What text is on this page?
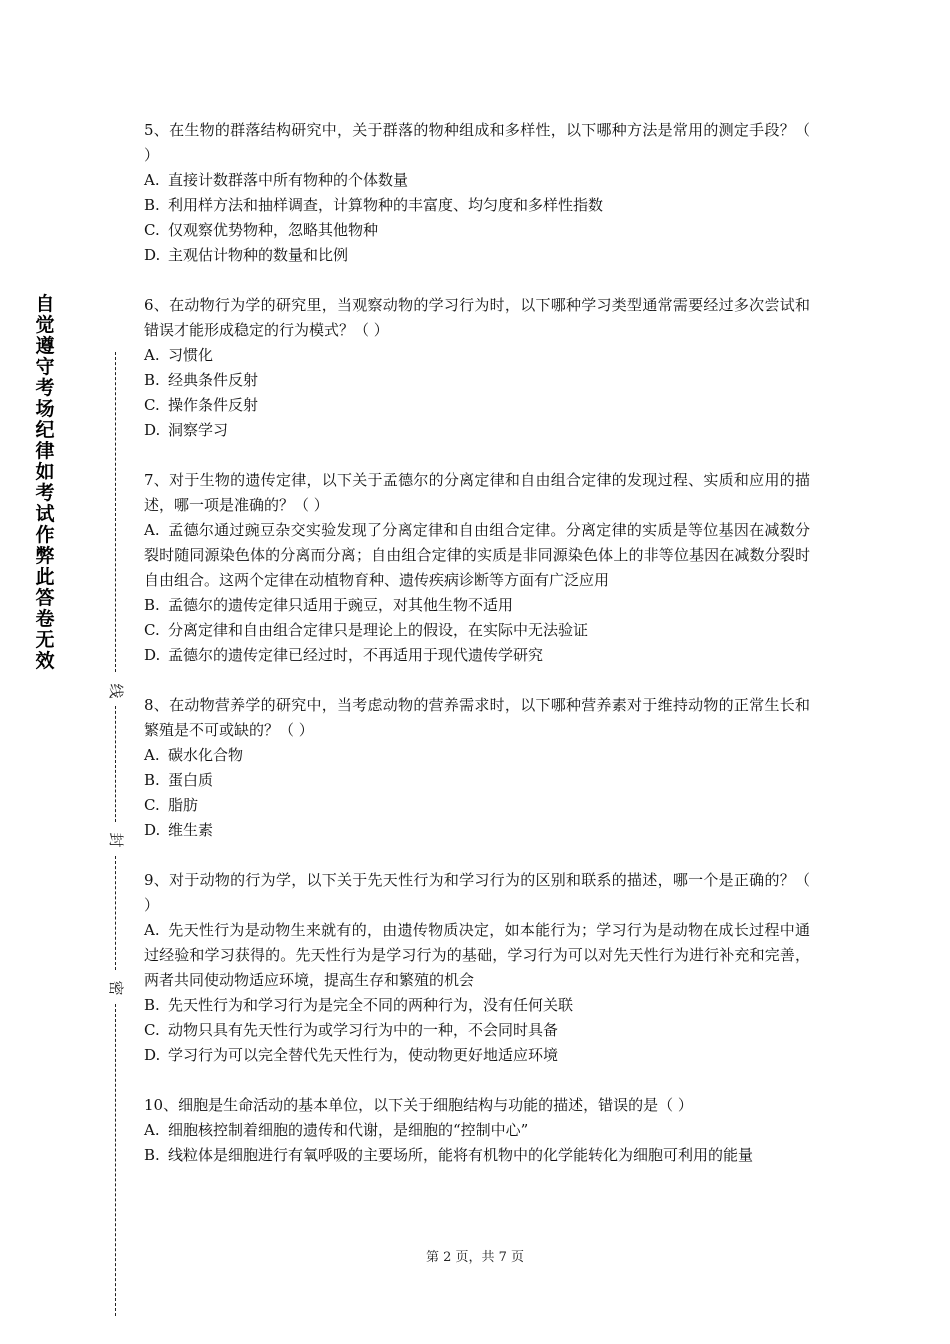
自觉遵守考场纪律如考试作弊此答卷无效
线
封
密

5、在生物的群落结构研究中，关于群落的物种组成和多样性，以下哪种方法是常用的测定手段？（ ）

A. 直接计数群落中所有物种的个体数量

B. 利用样方法和抽样调查，计算物种的丰富度、均匀度和多样性指数

C. 仅观察优势物种，忽略其他物种

D. 主观估计物种的数量和比例

6、在动物行为学的研究里，当观察动物的学习行为时，以下哪种学习类型通常需要经过多次尝试和错误才能形成稳定的行为模式？（ ）

A. 习惯化

B. 经典条件反射

C. 操作条件反射

D. 洞察学习

7、对于生物的遗传定律，以下关于孟德尔的分离定律和自由组合定律的发现过程、实质和应用的描述，哪一项是准确的？（ ）

A. 孟德尔通过豌豆杂交实验发现了分离定律和自由组合定律。分离定律的实质是等位基因在减数分裂时随同源染色体的分离而分离；自由组合定律的实质是非同源染色体上的非等位基因在减数分裂时自由组合。这两个定律在动植物育种、遗传疾病诊断等方面有广泛应用

B. 孟德尔的遗传定律只适用于豌豆，对其他生物不适用

C. 分离定律和自由组合定律只是理论上的假设，在实际中无法验证

D. 孟德尔的遗传定律已经过时，不再适用于现代遗传学研究

8、在动物营养学的研究中，当考虑动物的营养需求时，以下哪种营养素对于维持动物的正常生长和繁殖是不可或缺的？（ ）

A. 碳水化合物

B. 蛋白质

C. 脂肪

D. 维生素

9、对于动物的行为学，以下关于先天性行为和学习行为的区别和联系的描述，哪一个是正确的？（ ）

A. 先天性行为是动物生来就有的，由遗传物质决定，如本能行为；学习行为是动物在成长过程中通过经验和学习获得的。先天性行为是学习行为的基础，学习行为可以对先天性行为进行补充和完善，两者共同使动物适应环境，提高生存和繁殖的机会

B. 先天性行为和学习行为是完全不同的两种行为，没有任何关联

C. 动物只具有先天性行为或学习行为中的一种，不会同时具备

D. 学习行为可以完全替代先天性行为，使动物更好地适应环境

10、细胞是生命活动的基本单位，以下关于细胞结构与功能的描述，错误的是（ ）

A. 细胞核控制着细胞的遗传和代谢，是细胞的“控制中心”

B. 线粒体是细胞进行有氧呼吸的主要场所，能将有机物中的化学能转化为细胞可利用的能量

第 2 页，共 7 页
